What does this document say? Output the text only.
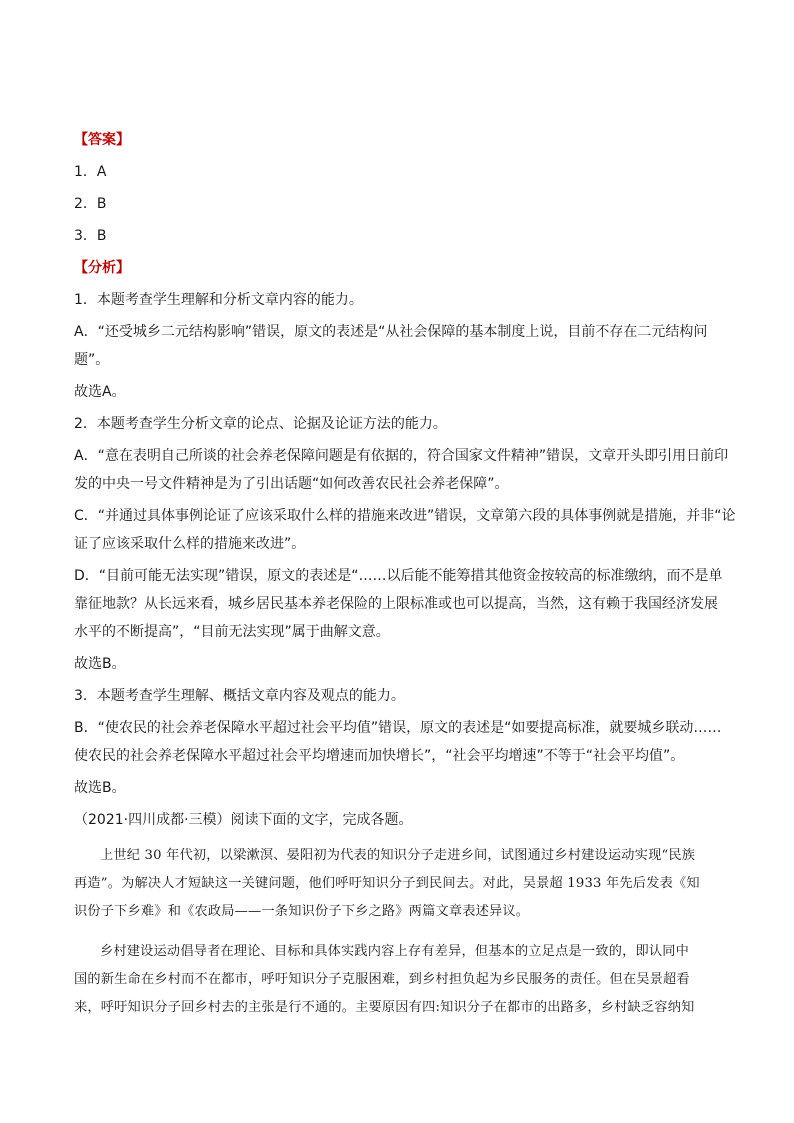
【答案】
1．A
2．B
3．B
【分析】
1．本题考查学生理解和分析文章内容的能力。
A．“还受城乡二元结构影响”错误，原文的表述是“从社会保障的基本制度上说，目前不存在二元结构问
题”。
故选A。
2．本题考查学生分析文章的论点、论据及论证方法的能力。
A．“意在表明自己所谈的社会养老保障问题是有依据的，符合国家文件精神”错误，文章开头即引用日前印
发的中央一号文件精神是为了引出话题“如何改善农民社会养老保障”。
C．“并通过具体事例论证了应该采取什么样的措施来改进”错误，文章第六段的具体事例就是措施，并非“论
证了应该采取什么样的措施来改进”。
D．“目前可能无法实现”错误，原文的表述是“……以后能不能筹措其他资金按较高的标准缴纳，而不是单
靠征地款？从长远来看，城乡居民基本养老保险的上限标准或也可以提高，当然，这有赖于我国经济发展
水平的不断提高”，“目前无法实现”属于曲解文意。
故选B。
3．本题考查学生理解、概括文章内容及观点的能力。
B．“使农民的社会养老保障水平超过社会平均值”错误，原文的表述是“如要提高标准，就要城乡联动……
使农民的社会养老保障水平超过社会平均增速而加快增长”，“社会平均增速”不等于“社会平均值”。
故选B。
（2021·四川成都·三模）阅读下面的文字，完成各题。
上世纪 30 年代初，以梁漱溟、晏阳初为代表的知识分子走进乡间，试图通过乡村建设运动实现“民族
再造”。为解决人才短缺这一关键问题，他们呼吁知识分子到民间去。对此，吴景超 1933 年先后发表《知
识份子下乡难》和《农政局——一条知识份子下乡之路》两篇文章表述异议。
乡村建设运动倡导者在理论、目标和具体实践内容上存有差异，但基本的立足点是一致的，即认同中
国的新生命在乡村而不在都市，呼吁知识分子克服困难，到乡村担负起为乡民服务的责任。但在吴景超看
来，呼吁知识分子回乡村去的主张是行不通的。主要原因有四:知识分子在都市的出路多，乡村缺乏容纳知
